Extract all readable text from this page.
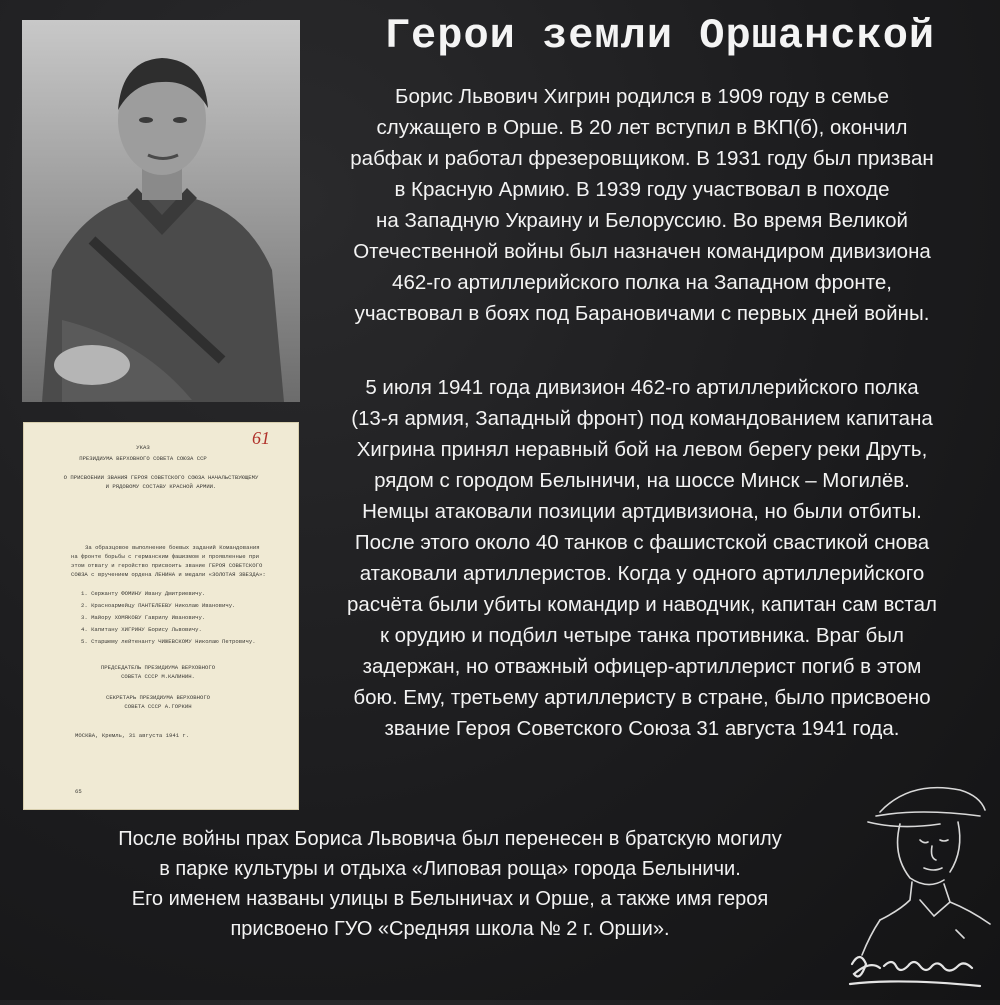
Герои земли Оршанской
Борис Львович Хигрин родился в 1909 году в семье
служащего в Орше. В 20 лет вступил в ВКП(б), окончил
рабфак и работал фрезеровщиком. В 1931 году был призван
в Красную Армию. В 1939 году участвовал в походе
на Западную Украину и Белоруссию. Во время Великой
Отечественной войны был назначен командиром дивизиона
462-го артиллерийского полка на Западном фронте,
участвовал в боях под Барановичами с первых дней войны.
5 июля 1941 года дивизион 462-го артиллерийского полка
(13-я армия, Западный фронт) под командованием капитана
Хигрина принял неравный бой на левом берегу реки Друть,
рядом с городом Белыничи, на шоссе Минск – Могилёв.
Немцы атаковали позиции артдивизиона, но были отбиты.
После этого около 40 танков с фашистской свастикой снова
атаковали артиллеристов. Когда у одного артиллерийского
расчёта были убиты командир и наводчик, капитан сам встал
к орудию и подбил четыре танка противника. Враг был
задержан, но отважный офицер-артиллерист погиб в этом
бою. Ему, третьему артиллеристу в стране, было присвоено
звание Героя Советского Союза 31 августа 1941 года.
61
УКАЗ
ПРЕЗИДИУМА ВЕРХОВНОГО СОВЕТА СОЮЗА ССР
О ПРИСВОЕНИИ ЗВАНИЯ ГЕРОЯ СОВЕТСКОГО СОЮЗА НАЧАЛЬСТВУЮЩЕМУ
И РЯДОВОМУ СОСТАВУ КРАСНОЙ АРМИИ.
За образцовое выполнение боевых заданий Командования
на фронте борьбы с германским фашизмом и проявленные при
этом отвагу и геройство присвоить звание ГЕРОЯ СОВЕТСКОГО
СОЮЗА с вручением ордена ЛЕНИНА и медали «ЗОЛОТАЯ ЗВЕЗДА»:
1. Сержанту ФОМИНУ Ивану Дмитриевичу.
2. Красноармейцу ПАНТЕЛЕЕВУ Николаю Ивановичу.
3. Майору ХОМЯКОВУ Гаврилу Ивановичу.
4. Капитану ХИГРИНУ Борису Львовичу.
5. Старшему лейтенанту ЧИЖЕВСКОМУ Николаю Петровичу.
ПРЕДСЕДАТЕЛЬ ПРЕЗИДИУМА ВЕРХОВНОГО
СОВЕТА СССР М.КАЛИНИН.
СЕКРЕТАРЬ ПРЕЗИДИУМА ВЕРХОВНОГО
СОВЕТА СССР А.ГОРКИН
МОСКВА, Кремль, 31 августа 1941 г.
65
После войны прах Бориса Львовича был перенесен в братскую могилу
в парке культуры и отдыха «Липовая роща» города Белыничи.
Его именем названы улицы в Белыничах и Орше, а также имя героя
присвоено ГУО «Средняя школа № 2 г. Орши».
